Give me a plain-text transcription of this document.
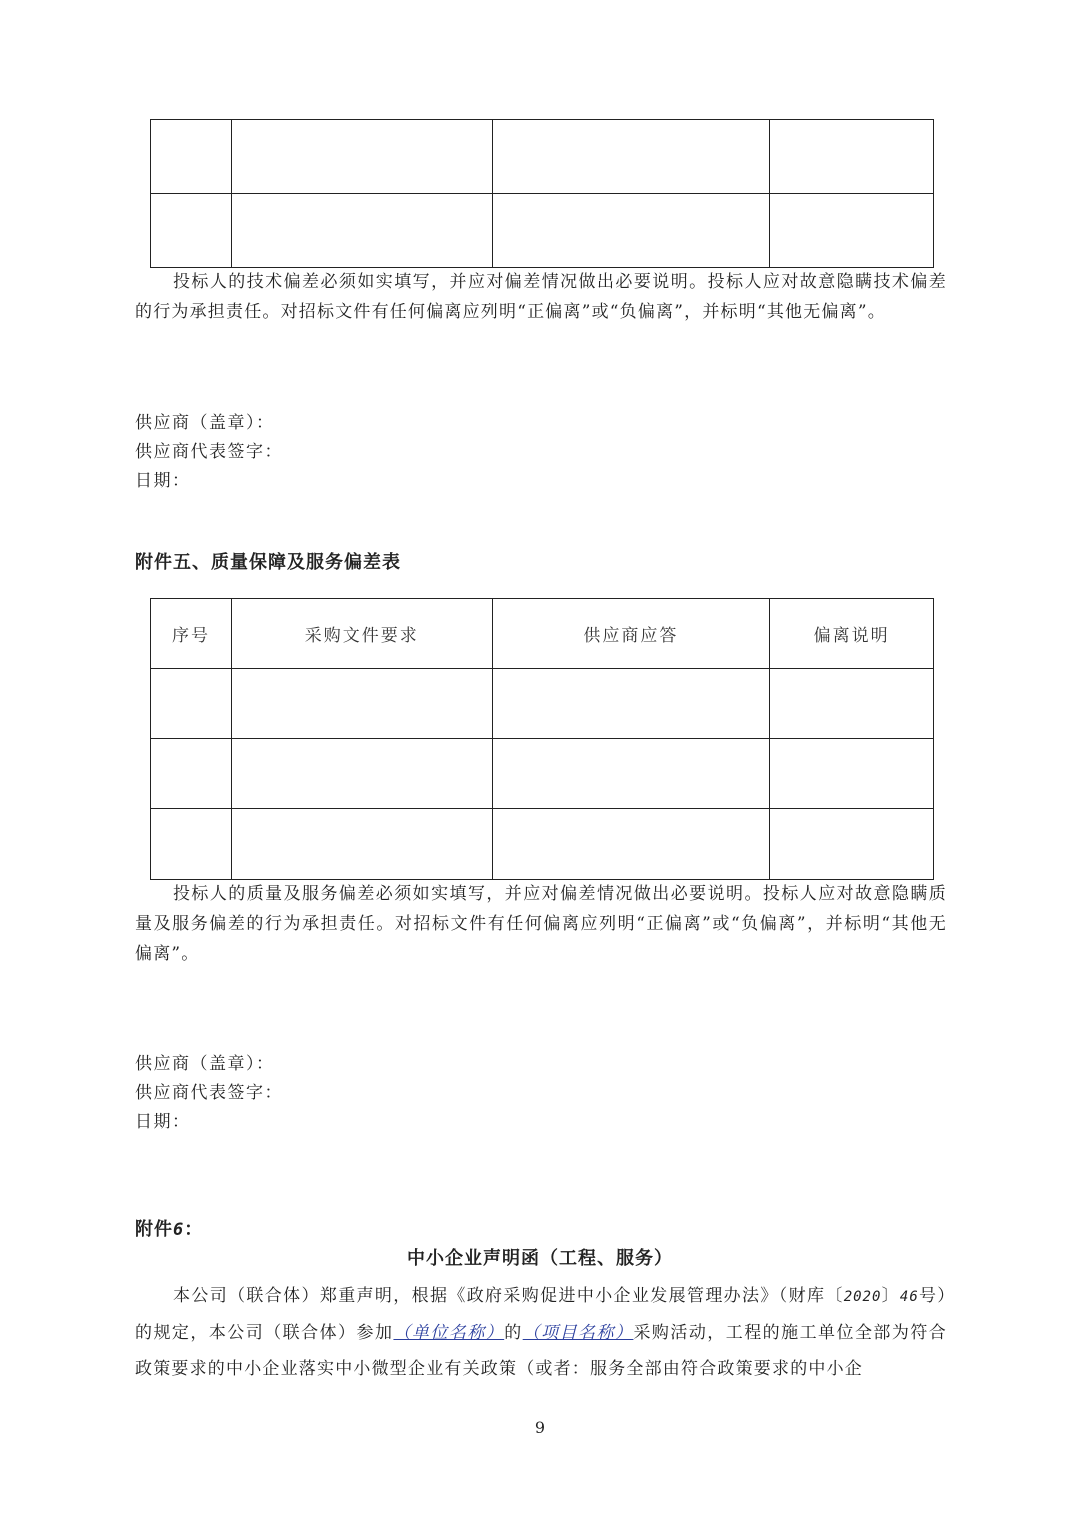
投标人的技术偏差必须如实填写，并应对偏差情况做出必要说明。投标人应对故意隐瞒技术偏差的行为承担责任。对招标文件有任何偏离应列明“正偏离”或“负偏离”，并标明“其他无偏离”。
供应商（盖章）：
供应商代表签字：
日期：
附件五、质量保障及服务偏差表
序号	采购文件要求	供应商应答	偏离说明

投标人的质量及服务偏差必须如实填写，并应对偏差情况做出必要说明。投标人应对故意隐瞒质量及服务偏差的行为承担责任。对招标文件有任何偏离应列明“正偏离”或“负偏离”，并标明“其他无偏离”。
供应商（盖章）：
供应商代表签字：
日期：
附件6：
中小企业声明函（工程、服务）
本公司（联合体）郑重声明，根据《政府采购促进中小企业发展管理办法》（财库〔2020〕46号）的规定，本公司（联合体）参加（单位名称）的（项目名称）采购活动，工程的施工单位全部为符合政策要求的中小企业落实中小微型企业有关政策（或者：服务全部由符合政策要求的中小企
9
